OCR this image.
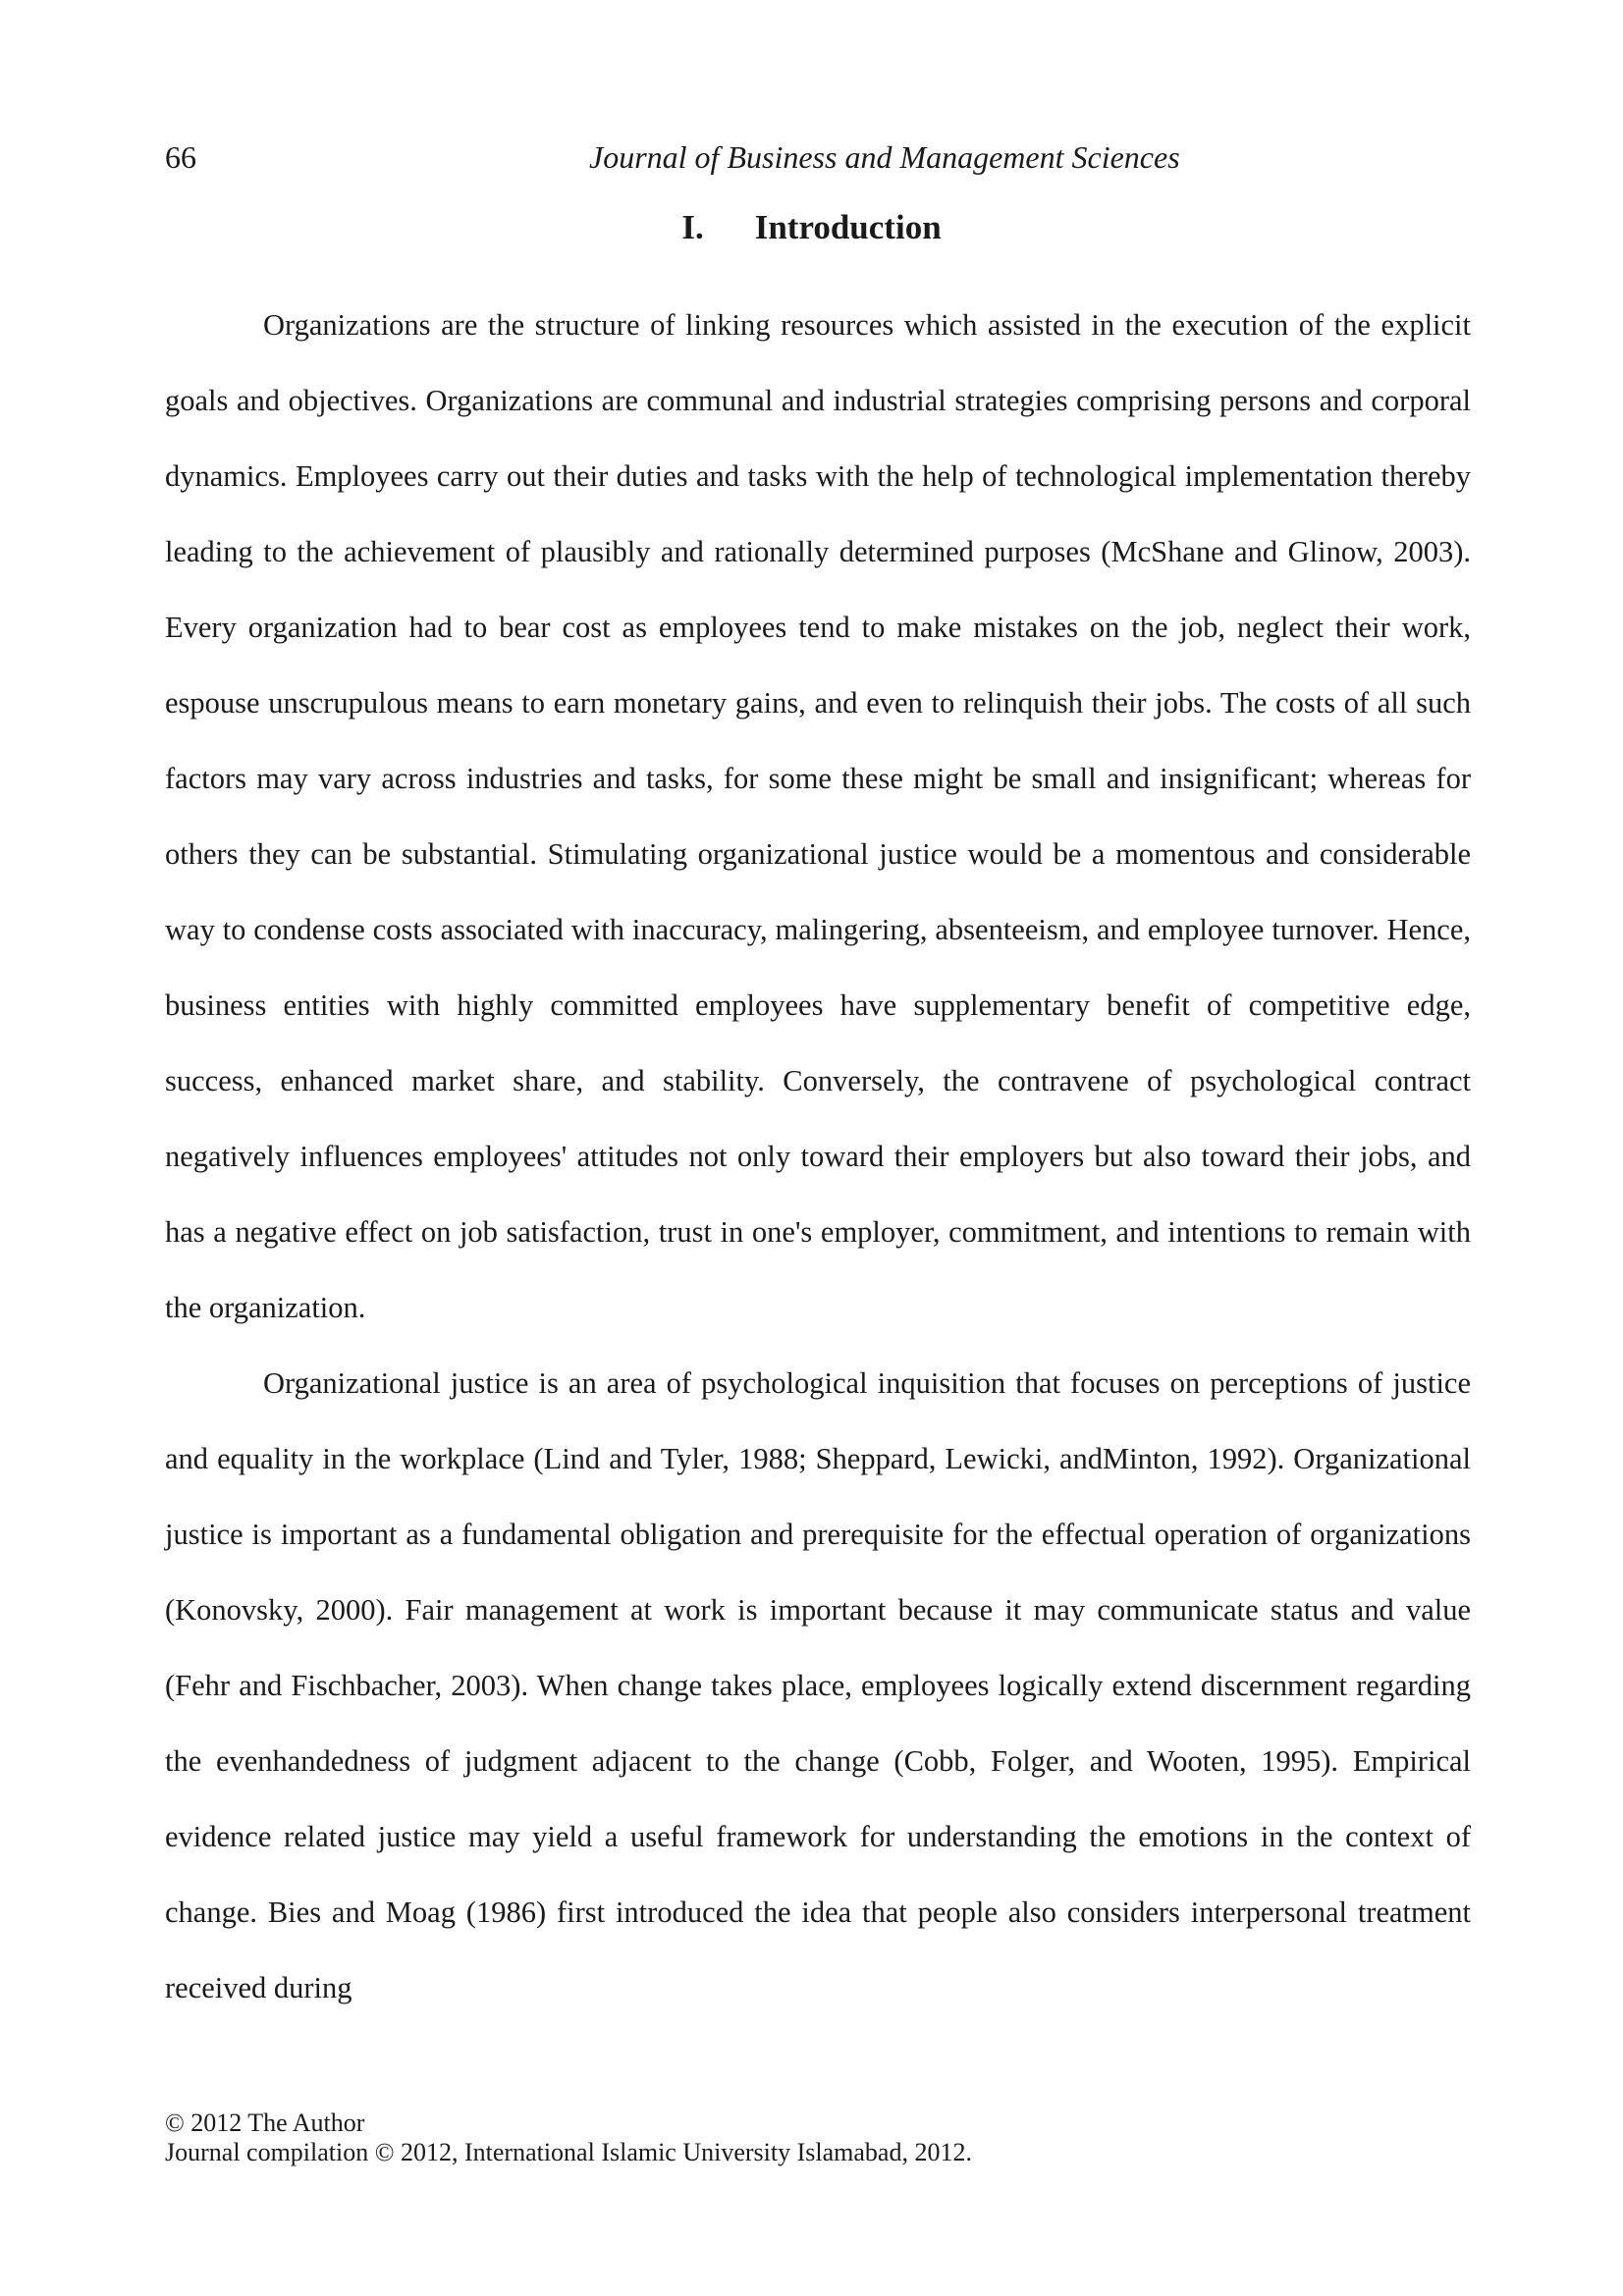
66	Journal of Business and Management Sciences
I. Introduction

Organizations are the structure of linking resources which assisted in the execution of the explicit goals and objectives. Organizations are communal and industrial strategies comprising persons and corporal dynamics. Employees carry out their duties and tasks with the help of technological implementation thereby leading to the achievement of plausibly and rationally determined purposes (McShane and Glinow, 2003). Every organization had to bear cost as employees tend to make mistakes on the job, neglect their work, espouse unscrupulous means to earn monetary gains, and even to relinquish their jobs. The costs of all such factors may vary across industries and tasks, for some these might be small and insignificant; whereas for others they can be substantial. Stimulating organizational justice would be a momentous and considerable way to condense costs associated with inaccuracy, malingering, absenteeism, and employee turnover. Hence, business entities with highly committed employees have supplementary benefit of competitive edge, success, enhanced market share, and stability. Conversely, the contravene of psychological contract negatively influences employees' attitudes not only toward their employers but also toward their jobs, and has a negative effect on job satisfaction, trust in one's employer, commitment, and intentions to remain with the organization.

Organizational justice is an area of psychological inquisition that focuses on perceptions of justice and equality in the workplace (Lind and Tyler, 1988; Sheppard, Lewicki, andMinton, 1992). Organizational justice is important as a fundamental obligation and prerequisite for the effectual operation of organizations (Konovsky, 2000). Fair management at work is important because it may communicate status and value (Fehr and Fischbacher, 2003). When change takes place, employees logically extend discernment regarding the evenhandedness of judgment adjacent to the change (Cobb, Folger, and Wooten, 1995). Empirical evidence related justice may yield a useful framework for understanding the emotions in the context of change. Bies and Moag (1986) first introduced the idea that people also considers interpersonal treatment received during

© 2012 The Author
Journal compilation © 2012, International Islamic University Islamabad, 2012.
